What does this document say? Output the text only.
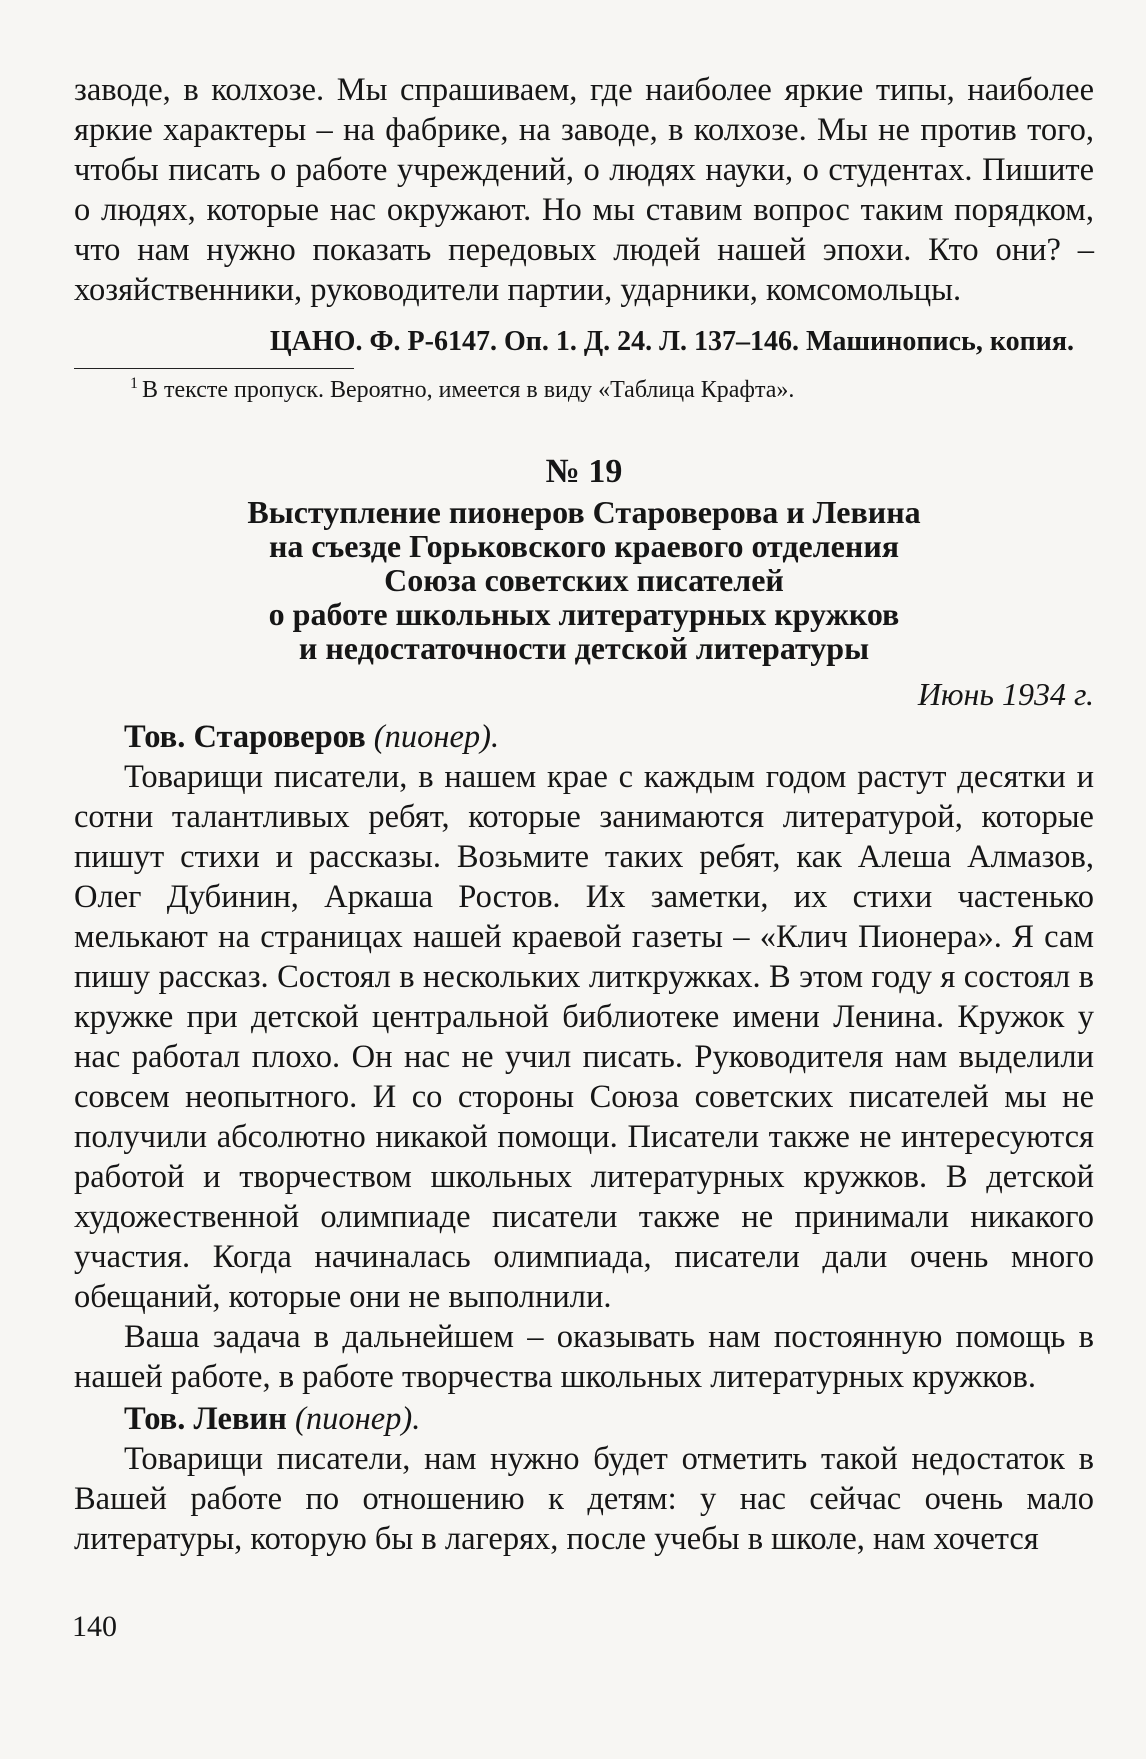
заводе, в колхозе. Мы спрашиваем, где наиболее яркие типы, наиболее яркие характеры – на фабрике, на заводе, в колхозе. Мы не против того, чтобы писать о работе учреждений, о людях науки, о студентах. Пишите о людях, которые нас окружают. Но мы ставим вопрос таким порядком, что нам нужно показать передовых людей нашей эпохи. Кто они? – хозяйственники, руководители партии, ударники, комсомольцы.

ЦАНО. Ф. Р-6147. Оп. 1. Д. 24. Л. 137–146. Машинопись, копия.

$^1$ В тексте пропуск. Вероятно, имеется в виду «Таблица Крафта».

№ 19

Выступление пионеров Староверова и Левина
на съезде Горьковского краевого отделения
Союза советских писателей
о работе школьных литературных кружков
и недостаточности детской литературы

Июнь 1934 г.

Тов. Староверов (пионер).

Товарищи писатели, в нашем крае с каждым годом растут десятки и сотни талантливых ребят, которые занимаются литературой, которые пишут стихи и рассказы. Возьмите таких ребят, как Алеша Алмазов, Олег Дубинин, Аркаша Ростов. Их заметки, их стихи частенько мелькают на страницах нашей краевой газеты – «Клич Пионера». Я сам пишу рассказ. Состоял в нескольких литкружках. В этом году я состоял в кружке при детской центральной библиотеке имени Ленина. Кружок у нас работал плохо. Он нас не учил писать. Руководителя нам выделили совсем неопытного. И со стороны Союза советских писателей мы не получили абсолютно никакой помощи. Писатели также не интересуются работой и творчеством школьных литературных кружков. В детской художественной олимпиаде писатели также не принимали никакого участия. Когда начиналась олимпиада, писатели дали очень много обещаний, которые они не выполнили.

Ваша задача в дальнейшем – оказывать нам постоянную помощь в нашей работе, в работе творчества школьных литературных кружков.

Тов. Левин (пионер).

Товарищи писатели, нам нужно будет отметить такой недостаток в Вашей работе по отношению к детям: у нас сейчас очень мало литературы, которую бы в лагерях, после учебы в школе, нам хочется

140
